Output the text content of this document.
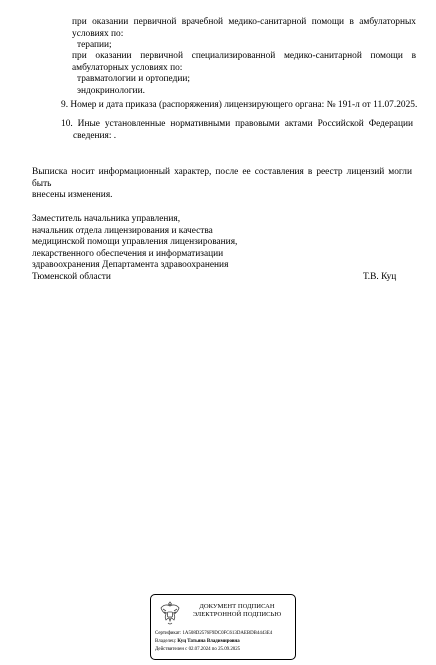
при оказании первичной врачебной медико-санитарной помощи в амбулаторных
условиях по:
терапии;
при оказании первичной специализированной медико-санитарной помощи в
амбулаторных условиях по:
травматологии и ортопедии;
эндокринологии.
9. Номер и дата приказа (распоряжения) лицензирующего органа: № 191-л от 11.07.2025.
10. Иные установленные нормативными правовыми актами Российской Федерации
сведения: .
Выписка носит информационный характер, после ее составления в реестр лицензий могли быть
внесены изменения.
Заместитель начальника управления,
начальник отдела лицензирования и качества
медицинской помощи управления лицензирования,
лекарственного обеспечения и информатизации
здравоохранения Департамента здравоохранения
Тюменской области	Т.В. Куц
ДОКУМЕНТ ПОДПИСАН
ЭЛЕКТРОННОЙ ПОДПИСЬЮ
Сертификат: 1A508D2576F9DC0FC613DAEBDB4443E4
Владелец: Куц Татьяна Владимировна
Действителен с 02.07.2024 по 25.09.2025
